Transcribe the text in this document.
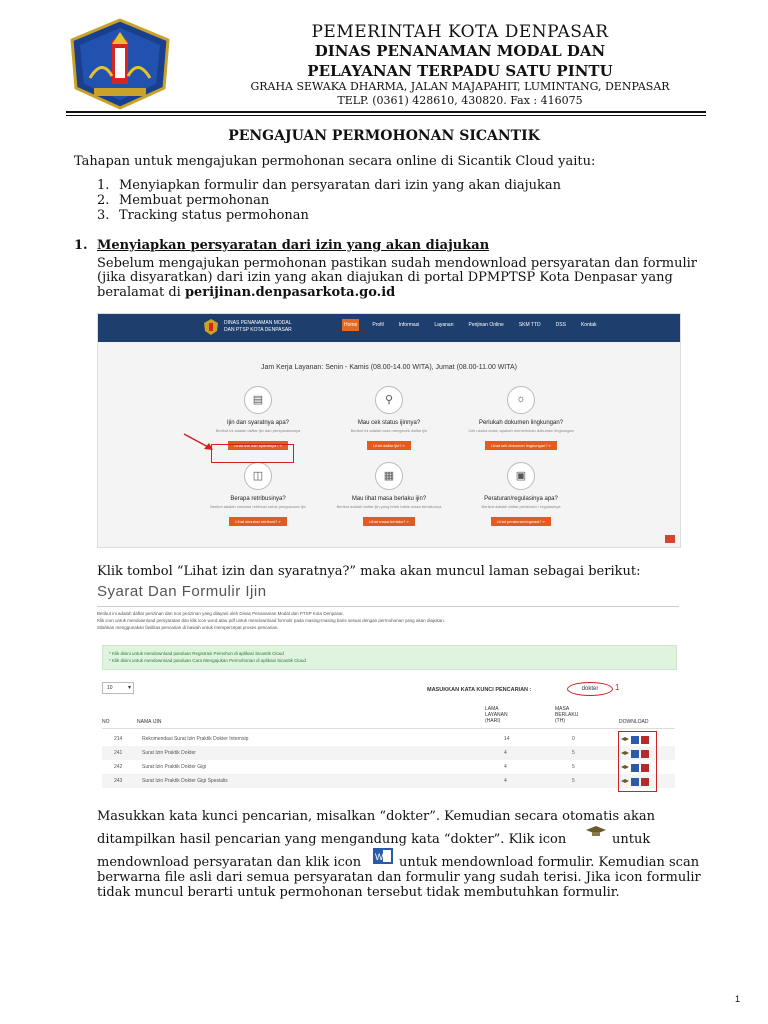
PEMERINTAH KOTA DENPASAR
DINAS PENANAMAN MODAL DAN
PELAYANAN TERPADU SATU PINTU
GRAHA SEWAKA DHARMA, JALAN MAJAPAHIT, LUMINTANG, DENPASAR
TELP. (0361) 428610, 430820. Fax : 416075
PENGAJUAN PERMOHONAN SICANTIK
Tahapan untuk mengajukan permohonan secara online di Sicantik Cloud yaitu:
1. Menyiapkan formulir dan persyaratan dari izin yang akan diajukan
2. Membuat permohonan
3. Tracking status permohonan
1. Menyiapkan persyaratan dari izin yang akan diajukan
Sebelum mengajukan permohonan pastikan sudah mendownload persyaratan dan formulir
(jika disyaratkan) dari izin yang akan diajukan di portal DPMPTSP Kota Denpasar yang
beralamat di perijinan.denpasarkota.go.id
DINAS PENANAMAN MODAL
DAN PTSP KOTA DENPASAR
Home	Profil	Informasi	Layanan	Perijinan Online	SKM TTD	DSS	Kontak
Jam Kerja Layanan: Senin - Kamis (08.00-14.00 WITA), Jumat (08.00-11.00 WITA)
▤
Ijin dan syaratnya apa?
Berikut ini adalah daftar ijin dan persyaratannya
Lihat izin dan syaratnya? »
⚲
Mau cek status ijinnya?
Berikut ini adalah cara mengecek daftar ijin
Lihat daftar ijin? »
☼
Perlukah dokumen lingkungan?
Cek usaha anda, apakah memerlukan dokumen lingkungan
Lihat cek dokumen lingkungan? »
◫
Berapa retribusinya?
Berikut adalah simulasi retribusi untuk pengurusan ijin
Lihat simulasi retribusi? »
▦
Mau lihat masa berlaku ijin?
Berikut adalah daftar ijin yang telah habis masa berlakunya
Lihat masa berlaku? »
▣
Peraturan/regulasinya apa?
Berikut adalah daftar peraturan / regulasinya
Lihat peraturan/regulasi? »
Klik tombol “Lihat izin dan syaratnya?” maka akan muncul laman sebagai berikut:
Syarat Dan Formulir Ijin
Berikut ini adalah daftar perizinan dan non perizinan yang dilayani oleh Dinas Penanaman Modal dan PTSP Kota Denpasar.
Klik icon untuk mendownload persyaratan dan klik icon word atau pdf untuk mendownload formulir pada masing-masing baris sesuai dengan permohonan yang akan diajukan.
Silahkan menggunakan fasilitas pencarian di bawah untuk mempercepat proses pencarian.
* Klik disini untuk mendownload panduan Registrasi Pemohon di aplikasi Sicantik Cloud
* Klik disini untuk mendownload panduan Cara Mengajukan Permohonan di aplikasi Sicantik Cloud
10	▾	MASUKKAN KATA KUNCI PENCARIAN :	dokter	1
NO	NAMA IJIN
LAMA
LAYANAN
(HARI)
MASA
BERLAKU
(TH)	DOWNLOAD
214	Rekomendasi Surat Izin Praktik Dokter Internsip	14	0
241	Surat Izin Praktik Dokter	4	5
242	Surat Izin Praktik Dokter Gigi	4	5
243	Surat Izin Praktik Dokter Gigi Spesialis	4	5
Masukkan kata kunci pencarian, misalkan “dokter”. Kemudian secara otomatis akan
ditampilkan hasil pencarian yang mengandung kata “dokter”. Klik icon	untuk
mendownload persyaratan dan klik icon W untuk mendownload formulir. Kemudian scan
berwarna file asli dari semua persyaratan dan formulir yang sudah terisi. Jika icon formulir
tidak muncul berarti untuk permohonan tersebut tidak membutuhkan formulir.
1
